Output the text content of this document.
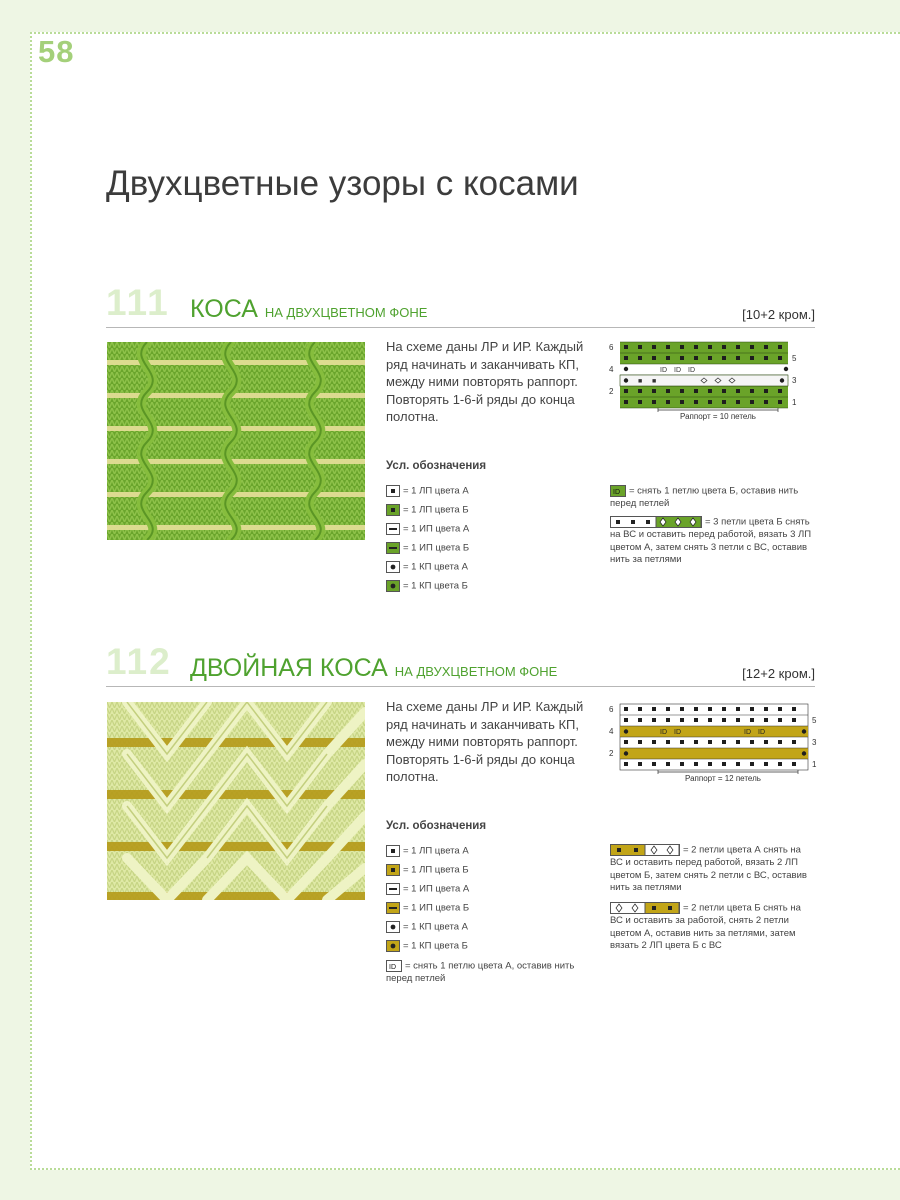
58
Двухцветные узоры с косами
111 КОСА НА ДВУХЦВЕТНОМ ФОНЕ	[10+2 кром.]
На схеме даны ЛР и ИР. Каждый ряд начинать и заканчивать КП, между ними повторять раппорт. Повторять 1-6-й ряды до конца полотна.
ID ID ID
■ ■
6
4
2
5
3
1
Раппорт = 10 петель
Усл. обозначения
= 1 ЛП цвета А
= 1 ЛП цвета Б
= 1 ИП цвета А
= 1 ИП цвета Б
= 1 КП цвета А
= 1 КП цвета Б
ID = снять 1 петлю цвета Б, оставив нить перед петлей
= 3 петли цвета Б снять на ВС и оставить перед работой, вязать 3 ЛП цветом А, затем снять 3 петли с ВС, оставив нить за петлями
112 ДВОЙНАЯ КОСА НА ДВУХЦВЕТНОМ ФОНЕ	[12+2 кром.]
На схеме даны ЛР и ИР. Каждый ряд начинать и заканчивать КП, между ними повторять раппорт. Повторять 1-6-й ряды до конца полотна.
ID ID	ID ID
6
4
2
5
3
1
Раппорт = 12 петель
Усл. обозначения
= 1 ЛП цвета А
= 1 ЛП цвета Б
= 1 ИП цвета А
= 1 ИП цвета Б
= 1 КП цвета А
= 1 КП цвета Б
ID = снять 1 петлю цвета А, оставив нить перед петлей
= 2 петли цвета А снять на ВС и оставить перед работой, вязать 2 ЛП цветом Б, затем снять 2 петли с ВС, оставив нить за петлями
= 2 петли цвета Б снять на ВС и оставить за работой, снять 2 петли цветом А, оставив нить за петлями, затем вязать 2 ЛП цвета Б с ВС
